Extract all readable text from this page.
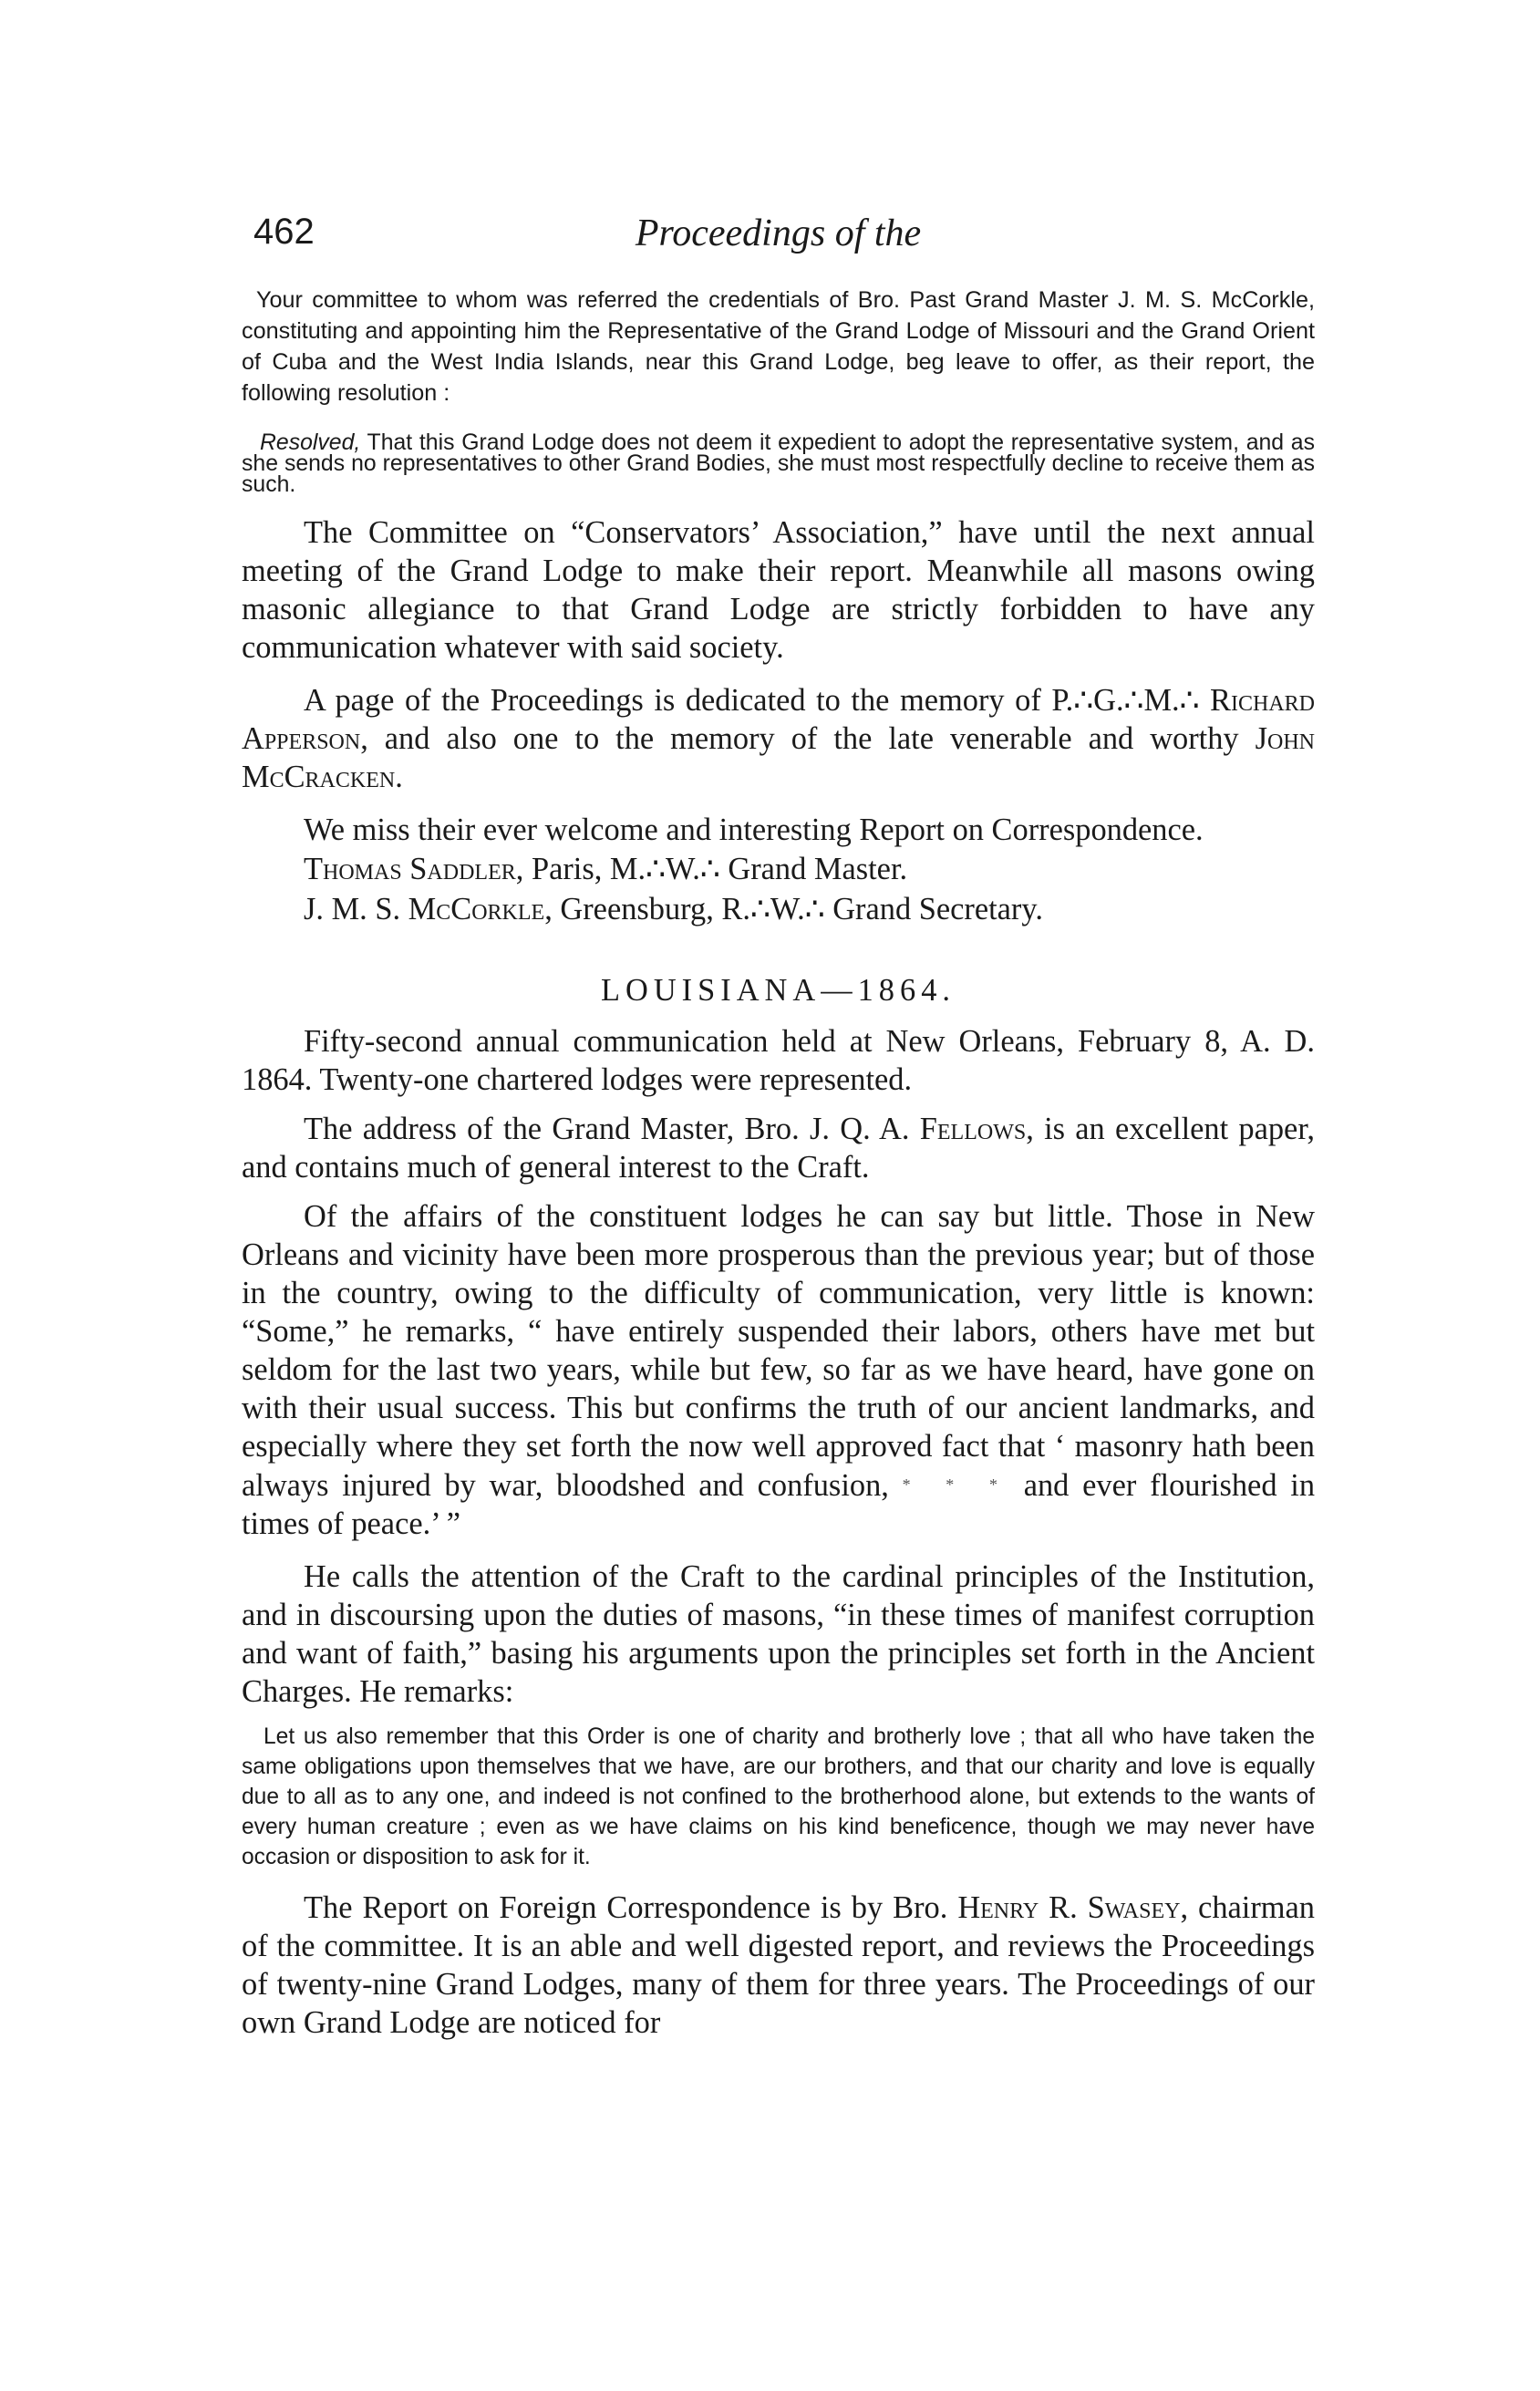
462	Proceedings of the

Your committee to whom was referred the credentials of Bro. Past Grand Master J. M. S. McCorkle, constituting and appointing him the Representative of the Grand Lodge of Missouri and the Grand Orient of Cuba and the West India Islands, near this Grand Lodge, beg leave to offer, as their report, the following resolution :

Resolved, That this Grand Lodge does not deem it expedient to adopt the representative system, and as she sends no representatives to other Grand Bodies, she must most respectfully decline to receive them as such.

The Committee on “Conservators’ Association,” have until the next annual meeting of the Grand Lodge to make their report. Meanwhile all masons owing masonic allegiance to that Grand Lodge are strictly forbidden to have any communication whatever with said society.

A page of the Proceedings is dedicated to the memory of P.∴G.∴M.∴ Richard Apperson, and also one to the memory of the late venerable and worthy John McCracken.

We miss their ever welcome and interesting Report on Correspondence.

Thomas Saddler, Paris, M.∴W.∴ Grand Master.

J. M. S. McCorkle, Greensburg, R.∴W.∴ Grand Secretary.

LOUISIANA—1864.

Fifty-second annual communication held at New Orleans, February 8, A. D. 1864. Twenty-one chartered lodges were represented.

The address of the Grand Master, Bro. J. Q. A. Fellows, is an excellent paper, and contains much of general interest to the Craft.

Of the affairs of the constituent lodges he can say but little. Those in New Orleans and vicinity have been more prosperous than the previous year; but of those in the country, owing to the difficulty of communication, very little is known: “Some,” he remarks, “ have entirely suspended their labors, others have met but seldom for the last two years, while but few, so far as we have heard, have gone on with their usual success. This but confirms the truth of our ancient landmarks, and especially where they set forth the now well approved fact that ‘ masonry hath been always injured by war, bloodshed and confusion, * * * and ever flourished in times of peace.’ ”

He calls the attention of the Craft to the cardinal principles of the Institution, and in discoursing upon the duties of masons, “in these times of manifest corruption and want of faith,” basing his arguments upon the principles set forth in the Ancient Charges. He remarks:

Let us also remember that this Order is one of charity and brotherly love ; that all who have taken the same obligations upon themselves that we have, are our brothers, and that our charity and love is equally due to all as to any one, and indeed is not confined to the brotherhood alone, but extends to the wants of every human creature ; even as we have claims on his kind beneficence, though we may never have occasion or disposition to ask for it.

The Report on Foreign Correspondence is by Bro. Henry R. Swasey, chairman of the committee. It is an able and well digested report, and reviews the Proceedings of twenty-nine Grand Lodges, many of them for three years. The Proceedings of our own Grand Lodge are noticed for
